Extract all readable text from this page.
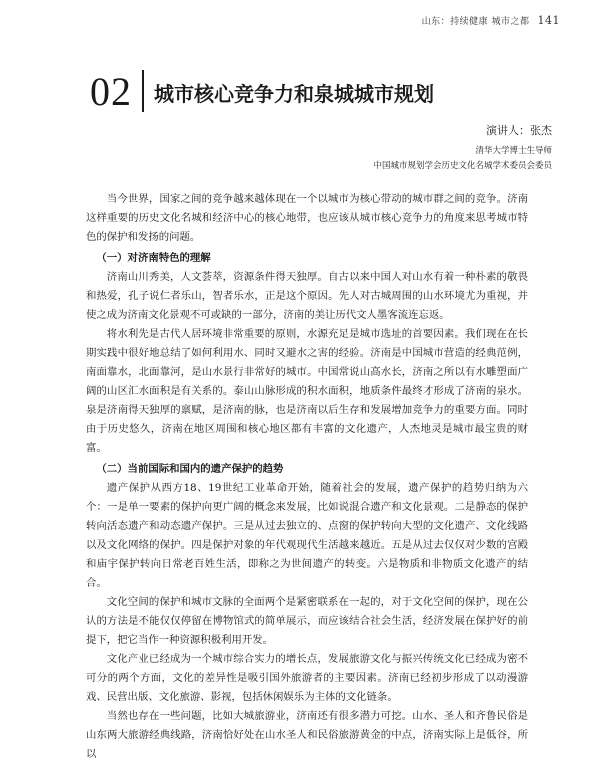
山东：持续健康 城市之都 141
02 城市核心竞争力和泉城城市规划
演讲人：张杰
清华大学博士生导师
中国城市规划学会历史文化名城学术委员会委员

当今世界，国家之间的竞争越来越体现在一个以城市为核心带动的城市群之间的竞争。济南这样重要的历史文化名城和经济中心的核心地带，也应该从城市核心竞争力的角度来思考城市特色的保护和发扬的问题。

（一）对济南特色的理解

济南山川秀美，人文荟萃，资源条件得天独厚。自古以来中国人对山水有着一种朴素的敬畏和热爱，孔子说仁者乐山，智者乐水，正是这个原因。先人对古城周围的山水环境尤为重视，并使之成为济南文化景观不可或缺的一部分，济南的美让历代文人墨客流连忘返。

将水利先是古代人居环境非常重要的原则，水源充足是城市选址的首要因素。我们现在在长期实践中很好地总结了如何利用水、同时又避水之害的经验。济南是中国城市营造的经典范例，南面靠水，北面靠河，是山水景行非常好的城市。中国常说山高水长，济南之所以有水雕塑面广阔的山区汇水面积是有关系的。泰山山脉形成的积水面积，地质条件最终才形成了济南的泉水。泉是济南得天独厚的禀赋，是济南的脉，也是济南以后生存和发展增加竞争力的重要方面。同时由于历史悠久，济南在地区周围和核心地区都有丰富的文化遗产，人杰地灵是城市最宝贵的财富。

（二）当前国际和国内的遗产保护的趋势

遗产保护从西方18、19世纪工业革命开始，随着社会的发展，遗产保护的趋势归纳为六个：一是单一要素的保护向更广阔的概念来发展，比如说混合遗产和文化景观。二是静态的保护转向活态遗产和动态遗产保护。三是从过去独立的、点窗的保护转向大型的文化遗产、文化线路以及文化网络的保护。四是保护对象的年代观现代生活越来越近。五是从过去仅仅对少数的宫殿和庙宇保护转向日常老百姓生活，即称之为世间遗产的转变。六是物质和非物质文化遗产的结合。

文化空间的保护和城市文脉的全面两个是紧密联系在一起的，对于文化空间的保护，现在公认的方法是不能仅仅停留在博物馆式的简单展示，而应该结合社会生活，经济发展在保护好的前提下，把它当作一种资源积极利用开发。

文化产业已经成为一个城市综合实力的增长点，发展旅游文化与振兴传统文化已经成为密不可分的两个方面，文化的差异性是吸引国外旅游者的主要因素。济南已经初步形成了以动漫游戏、民营出版、文化旅游、影视，包括休闲娱乐为主体的文化链条。

当然也存在一些问题，比如大城旅游业，济南还有很多潜力可挖。山水、圣人和齐鲁民俗是山东两大旅游经典线路，济南恰好处在山水圣人和民俗旅游黄金的中点，济南实际上是低谷，所以
